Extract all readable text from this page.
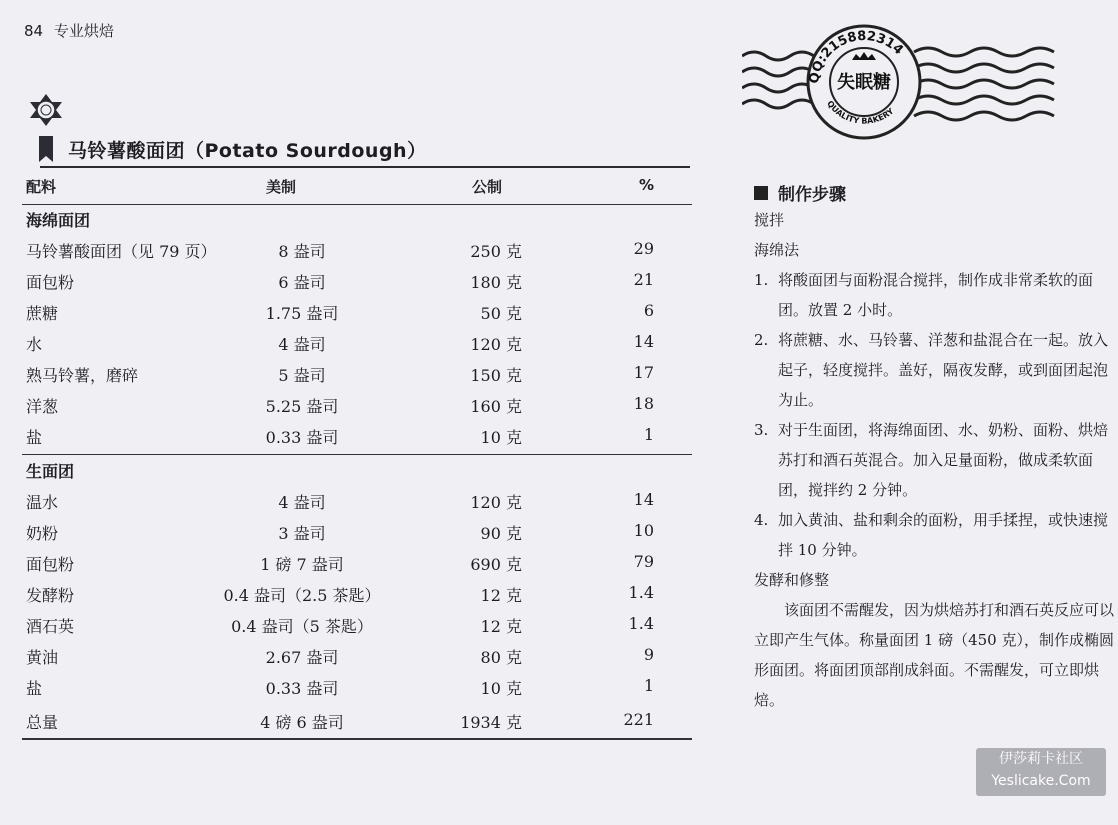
84 专业烘焙
马铃薯酸面团（Potato Sourdough）
配料	美制	公制	%
海绵面团
马铃薯酸面团（见 79 页）	8 盎司	250 克	29
面包粉	6 盎司	180 克	21
蔗糖	1.75 盎司	50 克	6
水	4 盎司	120 克	14
熟马铃薯，磨碎	5 盎司	150 克	17
洋葱	5.25 盎司	160 克	18
盐	0.33 盎司	10 克	1
生面团
温水	4 盎司	120 克	14
奶粉	3 盎司	90 克	10
面包粉	1 磅 7 盎司	690 克	79
发酵粉	0.4 盎司（2.5 茶匙）	12 克	1.4
酒石英	0.4 盎司（5 茶匙）	12 克	1.4
黄油	2.67 盎司	80 克	9
盐	0.33 盎司	10 克	1
总量	4 磅 6 盎司	1934 克	221
制作步骤
搅拌
海绵法
1. 将酸面团与面粉混合搅拌，制作成非常柔软的面团。放置 2 小时。
2. 将蔗糖、水、马铃薯、洋葱和盐混合在一起。放入起子，轻度搅拌。盖好，隔夜发酵，或到面团起泡为止。
3. 对于生面团，将海绵面团、水、奶粉、面粉、烘焙苏打和酒石英混合。加入足量面粉，做成柔软面团，搅拌约 2 分钟。
4. 加入黄油、盐和剩余的面粉，用手揉捏，或快速搅拌 10 分钟。
发酵和修整
该面团不需醒发，因为烘焙苏打和酒石英反应可以立即产生气体。称量面团 1 磅（450 克），制作成椭圆形面团。将面团顶部削成斜面。不需醒发，可立即烘焙。
QQ:215882314
QUALITY BAKERY
失眠糖
伊莎莉卡社区
Yeslicake.Com
